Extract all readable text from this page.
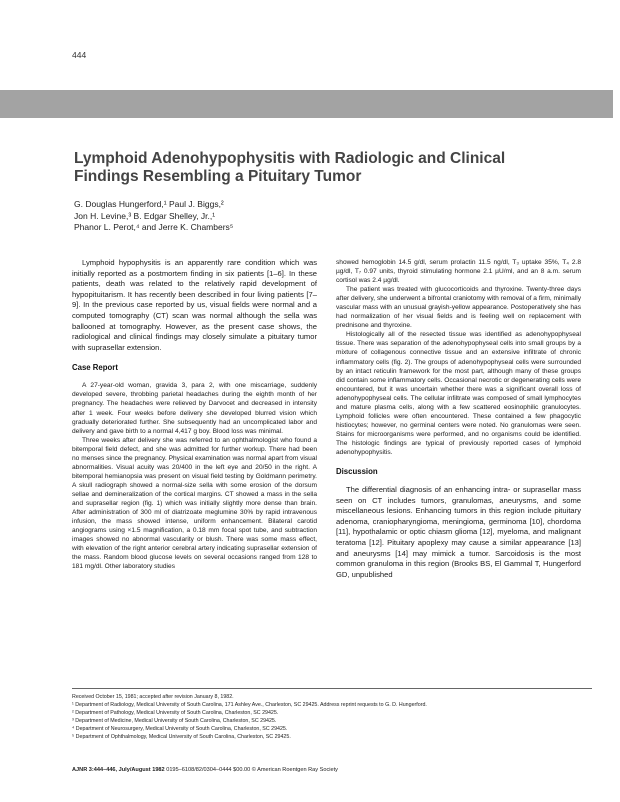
444
Lymphoid Adenohypophysitis with Radiologic and Clinical Findings Resembling a Pituitary Tumor
G. Douglas Hungerford,¹ Paul J. Biggs,²
Jon H. Levine,³ B. Edgar Shelley, Jr.,¹
Phanor L. Perot,⁴ and Jerre K. Chambers⁵

Lymphoid hypophysitis is an apparently rare condition which was initially reported as a postmortem finding in six patients [1–6]. In these patients, death was related to the relatively rapid development of hypopituitarism. It has recently been described in four living patients [7–9]. In the previous case reported by us, visual fields were normal and a computed tomography (CT) scan was normal although the sella was ballooned at tomography. However, as the present case shows, the radiological and clinical findings may closely simulate a pituitary tumor with suprasellar extension.

Case Report

A 27-year-old woman, gravida 3, para 2, with one miscarriage, suddenly developed severe, throbbing parietal headaches during the eighth month of her pregnancy. The headaches were relieved by Darvocet and decreased in intensity after 1 week. Four weeks before delivery she developed blurred vision which gradually deteriorated further. She subsequently had an uncomplicated labor and delivery and gave birth to a normal 4,417 g boy. Blood loss was minimal.

Three weeks after delivery she was referred to an ophthalmologist who found a bitemporal field defect, and she was admitted for further workup. There had been no menses since the pregnancy. Physical examination was normal apart from visual abnormalities. Visual acuity was 20/400 in the left eye and 20/50 in the right. A bitemporal hemianopsia was present on visual field testing by Goldmann perimetry. A skull radiograph showed a normal-size sella with some erosion of the dorsum sellae and demineralization of the cortical margins. CT showed a mass in the sella and suprasellar region (fig. 1) which was initially slightly more dense than brain. After administration of 300 ml of diatrizoate meglumine 30% by rapid intravenous infusion, the mass showed intense, uniform enhancement. Bilateral carotid angiograms using ×1.5 magnification, a 0.18 mm focal spot tube, and subtraction images showed no abnormal vascularity or blush. There was some mass effect, with elevation of the right anterior cerebral artery indicating suprasellar extension of the mass. Random blood glucose levels on several occasions ranged from 128 to 181 mg/dl. Other laboratory studies

showed hemoglobin 14.5 g/dl, serum prolactin 11.5 ng/dl, T₃ uptake 35%, T₄ 2.8 µg/dl, T₇ 0.97 units, thyroid stimulating hormone 2.1 µU/ml, and an 8 a.m. serum cortisol was 2.4 µg/dl.

The patient was treated with glucocorticoids and thyroxine. Twenty-three days after delivery, she underwent a bifrontal craniotomy with removal of a firm, minimally vascular mass with an unusual grayish-yellow appearance. Postoperatively she has had normalization of her visual fields and is feeling well on replacement with prednisone and thyroxine.

Histologically all of the resected tissue was identified as adenohypophyseal tissue. There was separation of the adenohypophyseal cells into small groups by a mixture of collagenous connective tissue and an extensive infiltrate of chronic inflammatory cells (fig. 2). The groups of adenohypophyseal cells were surrounded by an intact reticulin framework for the most part, although many of these groups did contain some inflammatory cells. Occasional necrotic or degenerating cells were encountered, but it was uncertain whether there was a significant overall loss of adenohypophyseal cells. The cellular infiltrate was composed of small lymphocytes and mature plasma cells, along with a few scattered eosinophilic granulocytes. Lymphoid follicles were often encountered. These contained a few phagocytic histiocytes; however, no germinal centers were noted. No granulomas were seen. Stains for microorganisms were performed, and no organisms could be identified. The histologic findings are typical of previously reported cases of lymphoid adenohypophysitis.

Discussion

The differential diagnosis of an enhancing intra- or suprasellar mass seen on CT includes tumors, granulomas, aneurysms, and some miscellaneous lesions. Enhancing tumors in this region include pituitary adenoma, craniopharyngioma, meningioma, germinoma [10], chordoma [11], hypothalamic or optic chiasm glioma [12], myeloma, and malignant teratoma [12]. Pituitary apoplexy may cause a similar appearance [13] and aneurysms [14] may mimick a tumor. Sarcoidosis is the most common granuloma in this region (Brooks BS, El Gammal T, Hungerford GD, unpublished

Received October 15, 1981; accepted after revision January 8, 1982.
¹ Department of Radiology, Medical University of South Carolina, 171 Ashley Ave., Charleston, SC 29425. Address reprint requests to G. D. Hungerford.
² Department of Pathology, Medical University of South Carolina, Charleston, SC 29425.
³ Department of Medicine, Medical University of South Carolina, Charleston, SC 29425.
⁴ Department of Neurosurgery, Medical University of South Carolina, Charleston, SC 29425.
⁵ Department of Ophthalmology, Medical University of South Carolina, Charleston, SC 29425.
AJNR 3:444–446, July/August 1982 0195–6108/82/0304–0444 $00.00 © American Roentgen Ray Society
